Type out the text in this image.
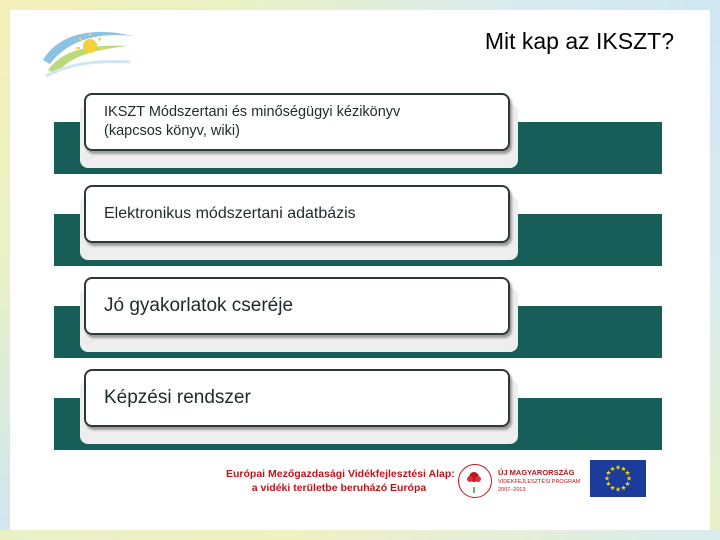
Mit kap az IKSZT?
IKSZT Módszertani és minőségügyi kézikönyv
(kapcsos könyv, wiki)
Elektronikus módszertani adatbázis
Jó gyakorlatok cseréje
Képzési rendszer
Európai Mezőgazdasági Vidékfejlesztési Alap:
a vidéki területbe beruházó Európa
ÚJ MAGYARORSZÁG
VIDÉKFEJLESZTÉSI PROGRAM
2007–2013
★ ★
★
★
★
★
★
★
★
★
★
★
